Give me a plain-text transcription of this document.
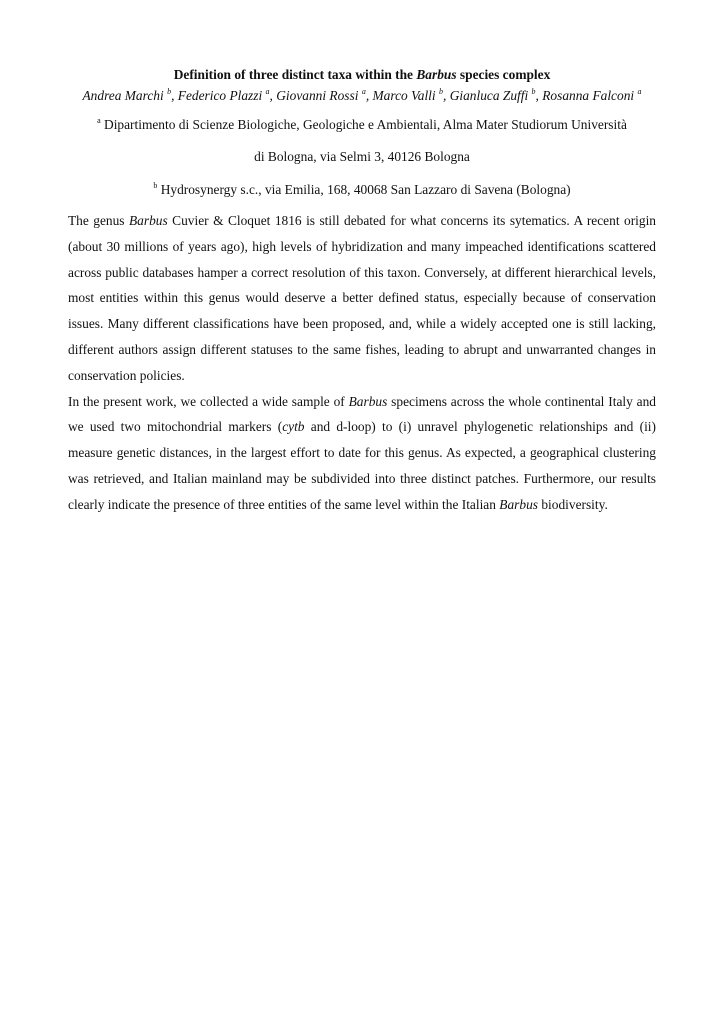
Definition of three distinct taxa within the Barbus species complex

Andrea Marchi $^b$, Federico Plazzi $^a$, Giovanni Rossi $^a$, Marco Valli $^b$, Gianluca Zuffi $^b$, Rosanna Falconi $^a$

$^a$ Dipartimento di Scienze Biologiche, Geologiche e Ambientali, Alma Mater Studiorum Università

di Bologna, via Selmi 3, 40126 Bologna

$^b$ Hydrosynergy s.c., via Emilia, 168, 40068 San Lazzaro di Savena (Bologna)

The genus Barbus Cuvier & Cloquet 1816 is still debated for what concerns its sytematics. A recent origin (about 30 millions of years ago), high levels of hybridization and many impeached identifications scattered across public databases hamper a correct resolution of this taxon. Conversely, at different hierarchical levels, most entities within this genus would deserve a better defined status, especially because of conservation issues. Many different classifications have been proposed, and, while a widely accepted one is still lacking, different authors assign different statuses to the same fishes, leading to abrupt and unwarranted changes in conservation policies.

In the present work, we collected a wide sample of Barbus specimens across the whole continental Italy and we used two mitochondrial markers (cytb and d-loop) to (i) unravel phylogenetic relationships and (ii) measure genetic distances, in the largest effort to date for this genus. As expected, a geographical clustering was retrieved, and Italian mainland may be subdivided into three distinct patches. Furthermore, our results clearly indicate the presence of three entities of the same level within the Italian Barbus biodiversity.
